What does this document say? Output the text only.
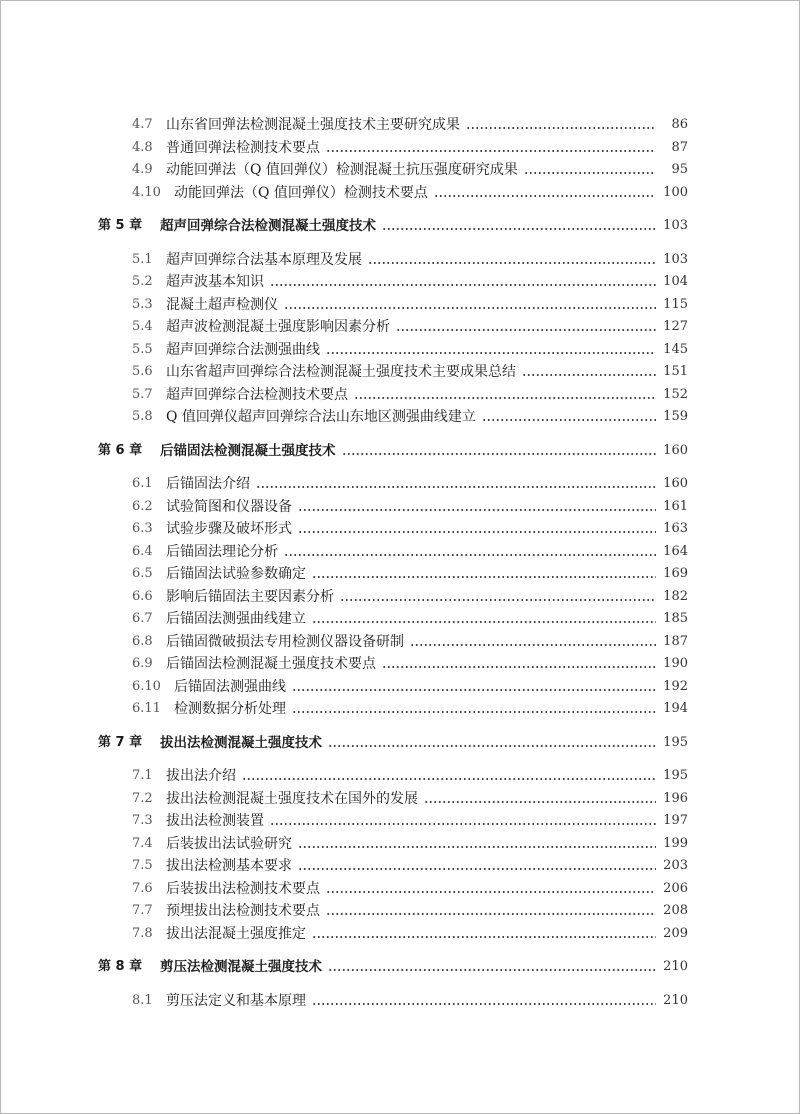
4.7 山东省回弹法检测混凝土强度技术主要研究成果	86
4.8 普通回弹法检测技术要点	87
4.9 动能回弹法（Q 值回弹仪）检测混凝土抗压强度研究成果	95
4.10 动能回弹法（Q 值回弹仪）检测技术要点	100
第 5 章	超声回弹综合法检测混凝土强度技术	103
5.1 超声回弹综合法基本原理及发展	103
5.2 超声波基本知识	104
5.3 混凝土超声检测仪	115
5.4 超声波检测混凝土强度影响因素分析	127
5.5 超声回弹综合法测强曲线	145
5.6 山东省超声回弹综合法检测混凝土强度技术主要成果总结	151
5.7 超声回弹综合法检测技术要点	152
5.8 Q 值回弹仪超声回弹综合法山东地区测强曲线建立	159
第 6 章	后锚固法检测混凝土强度技术	160
6.1 后锚固法介绍	160
6.2 试验简图和仪器设备	161
6.3 试验步骤及破坏形式	163
6.4 后锚固法理论分析	164
6.5 后锚固法试验参数确定	169
6.6 影响后锚固法主要因素分析	182
6.7 后锚固法测强曲线建立	185
6.8 后锚固微破损法专用检测仪器设备研制	187
6.9 后锚固法检测混凝土强度技术要点	190
6.10 后锚固法测强曲线	192
6.11 检测数据分析处理	194
第 7 章	拔出法检测混凝土强度技术	195
7.1 拔出法介绍	195
7.2 拔出法检测混凝土强度技术在国外的发展	196
7.3 拔出法检测装置	197
7.4 后装拔出法试验研究	199
7.5 拔出法检测基本要求	203
7.6 后装拔出法检测技术要点	206
7.7 预埋拔出法检测技术要点	208
7.8 拔出法混凝土强度推定	209
第 8 章	剪压法检测混凝土强度技术	210
8.1 剪压法定义和基本原理	210
